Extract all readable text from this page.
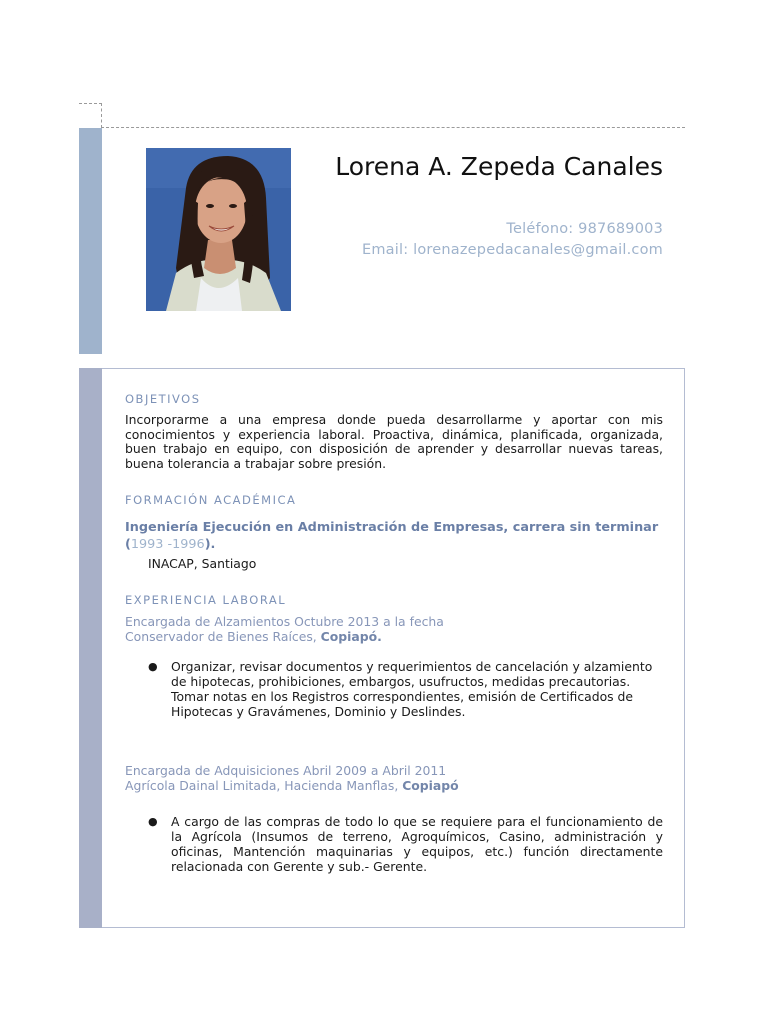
Lorena A. Zepeda Canales
Teléfono: 987689003
Email: lorenazepedacanales@gmail.com
OBJETIVOS
Incorporarme a una empresa donde pueda desarrollarme y aportar con mis conocimientos y experiencia laboral. Proactiva, dinámica, planificada, organizada, buen trabajo en equipo, con disposición de aprender y desarrollar nuevas tareas, buena tolerancia a trabajar sobre presión.
FORMACIÓN ACADÉMICA
Ingeniería Ejecución en Administración de Empresas, carrera sin terminar
(1993 -1996).
INACAP, Santiago
EXPERIENCIA LABORAL
Encargada de Alzamientos Octubre 2013 a la fecha
Conservador de Bienes Raíces, Copiapó.
● Organizar, revisar documentos y requerimientos de cancelación y alzamiento de hipotecas, prohibiciones, embargos, usufructos, medidas precautorias. Tomar notas en los Registros correspondientes, emisión de Certificados de Hipotecas y Gravámenes, Dominio y Deslindes.
Encargada de Adquisiciones Abril 2009 a Abril 2011
Agrícola Dainal Limitada, Hacienda Manflas, Copiapó
● A cargo de las compras de todo lo que se requiere para el funcionamiento de la Agrícola (Insumos de terreno, Agroquímicos, Casino, administración y oficinas, Mantención maquinarias y equipos, etc.) función directamente relacionada con Gerente y sub.- Gerente.
